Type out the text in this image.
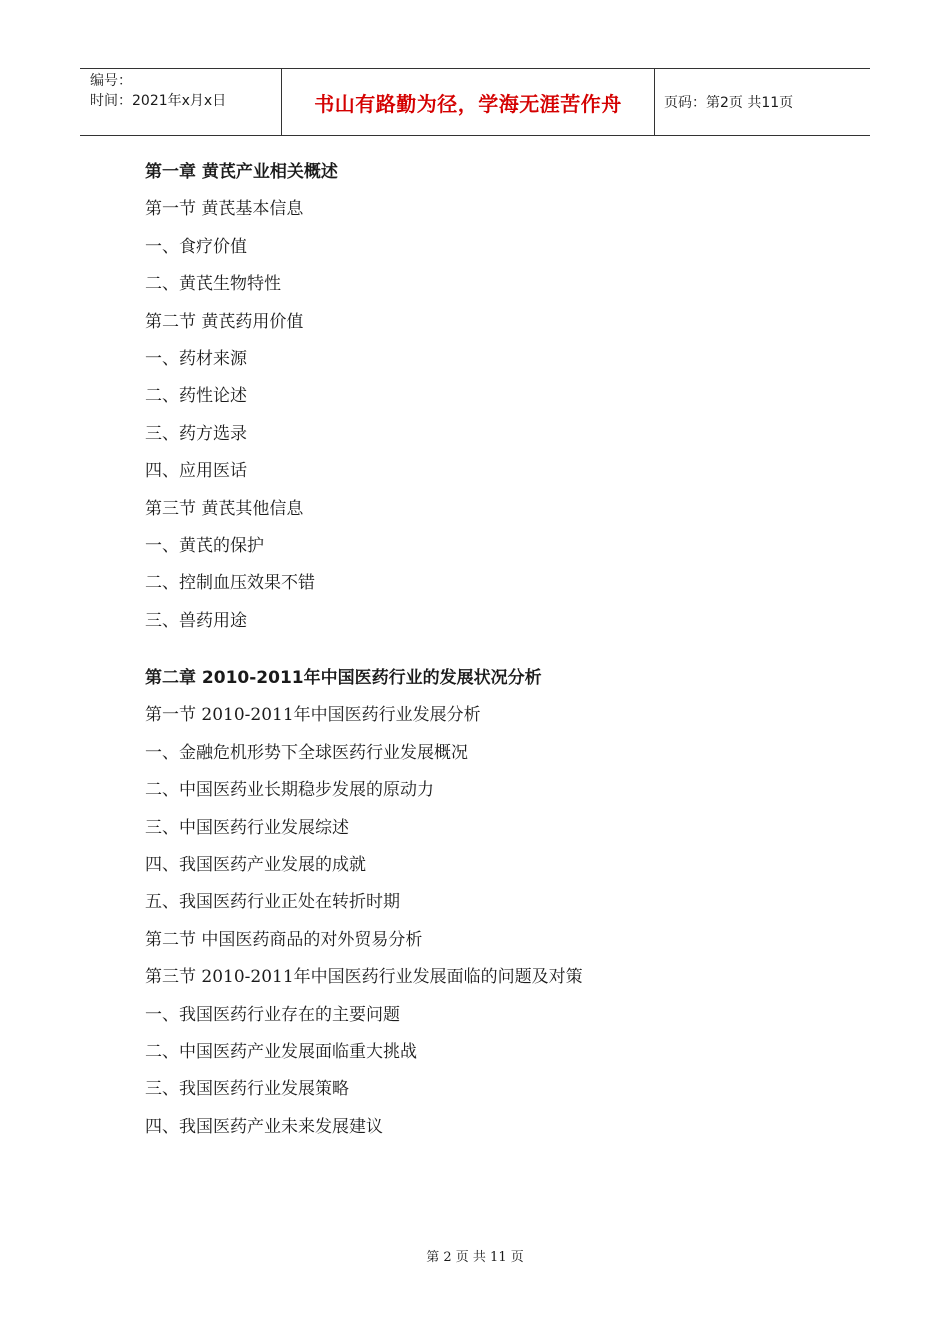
编号：
时间：2021年x月x日	书山有路勤为径，学海无涯苦作舟	页码：第2页 共11页
第一章 黄芪产业相关概述
第一节 黄芪基本信息
一、食疗价值
二、黄芪生物特性
第二节 黄芪药用价值
一、药材来源
二、药性论述
三、药方选录
四、应用医话
第三节 黄芪其他信息
一、黄芪的保护
二、控制血压效果不错
三、兽药用途
第二章 2010-2011年中国医药行业的发展状况分析
第一节 2010-2011年中国医药行业发展分析
一、金融危机形势下全球医药行业发展概况
二、中国医药业长期稳步发展的原动力
三、中国医药行业发展综述
四、我国医药产业发展的成就
五、我国医药行业正处在转折时期
第二节 中国医药商品的对外贸易分析
第三节 2010-2011年中国医药行业发展面临的问题及对策
一、我国医药行业存在的主要问题
二、中国医药产业发展面临重大挑战
三、我国医药行业发展策略
四、我国医药产业未来发展建议
第 2 页 共 11 页
